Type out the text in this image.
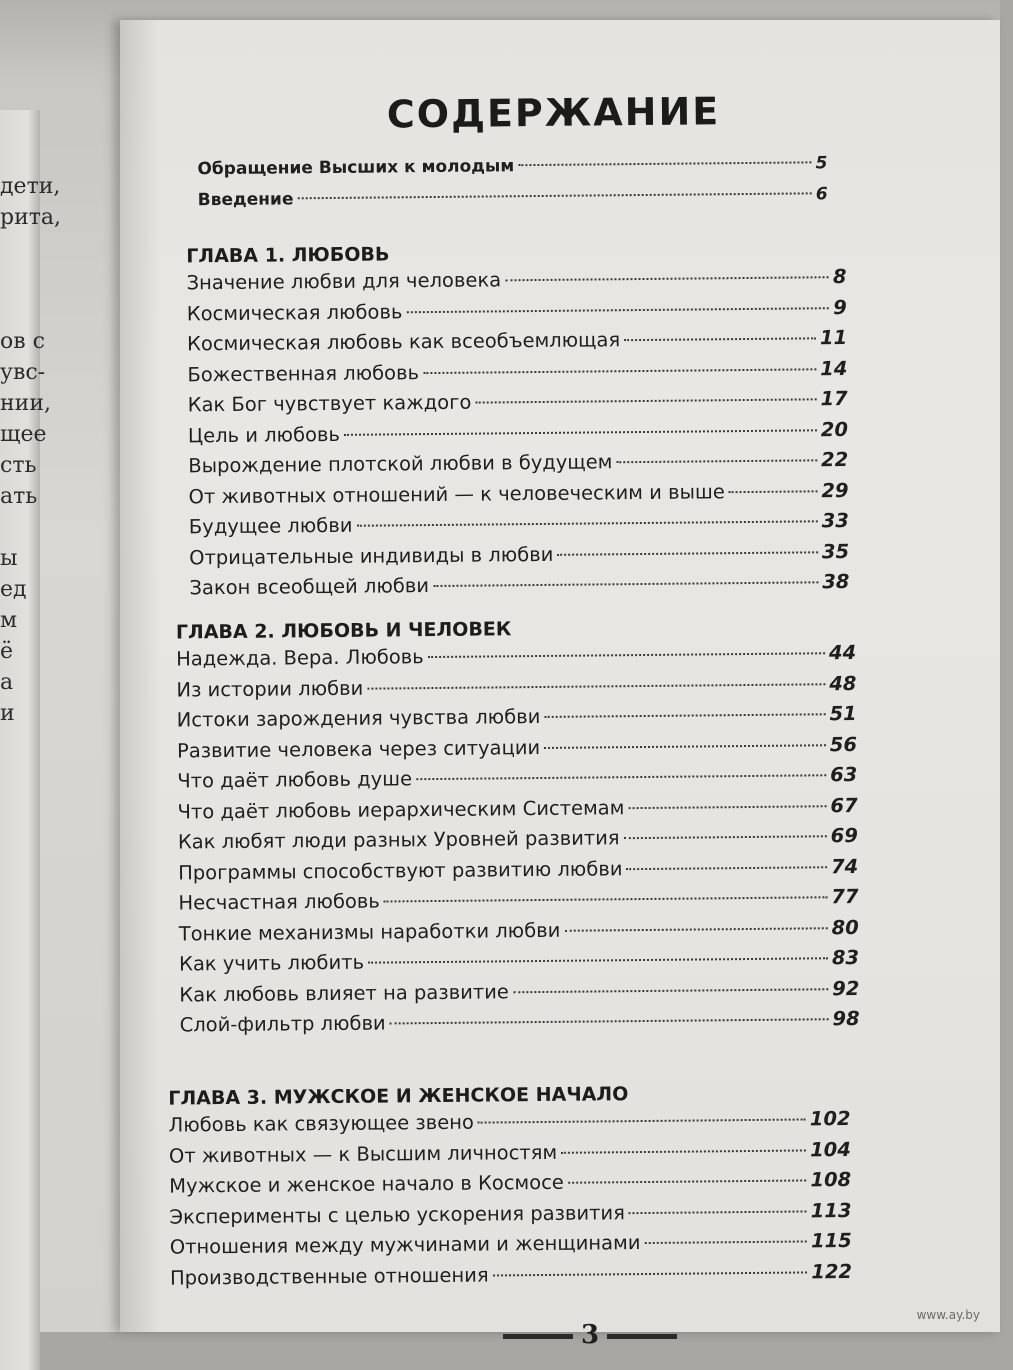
дети,
рита,
ов с
увс-
нии,
щее
сть
ать
ы
ед
м
ё
а
и
СОДЕРЖАНИЕ
Обращение Высших к молодым	5
Введение	6
ГЛАВА 1. ЛЮБОВЬ
Значение любви для человека	8
Космическая любовь	9
Космическая любовь как всеобъемлющая	11
Божественная любовь	14
Как Бог чувствует каждого	17
Цель и любовь	20
Вырождение плотской любви в будущем	22
От животных отношений — к человеческим и выше	29
Будущее любви	33
Отрицательные индивиды в любви	35
Закон всеобщей любви	38
ГЛАВА 2. ЛЮБОВЬ И ЧЕЛОВЕК
Надежда. Вера. Любовь	44
Из истории любви	48
Истоки зарождения чувства любви	51
Развитие человека через ситуации	56
Что даёт любовь душе	63
Что даёт любовь иерархическим Системам	67
Как любят люди разных Уровней развития	69
Программы способствуют развитию любви	74
Несчастная любовь	77
Тонкие механизмы наработки любви	80
Как учить любить	83
Как любовь влияет на развитие	92
Слой-фильтр любви	98
ГЛАВА 3. МУЖСКОЕ И ЖЕНСКОЕ НАЧАЛО
Любовь как связующее звено	102
От животных — к Высшим личностям	104
Мужское и женское начало в Космосе	108
Эксперименты с целью ускорения развития	113
Отношения между мужчинами и женщинами	115
Производственные отношения	122
3
www.ay.by
